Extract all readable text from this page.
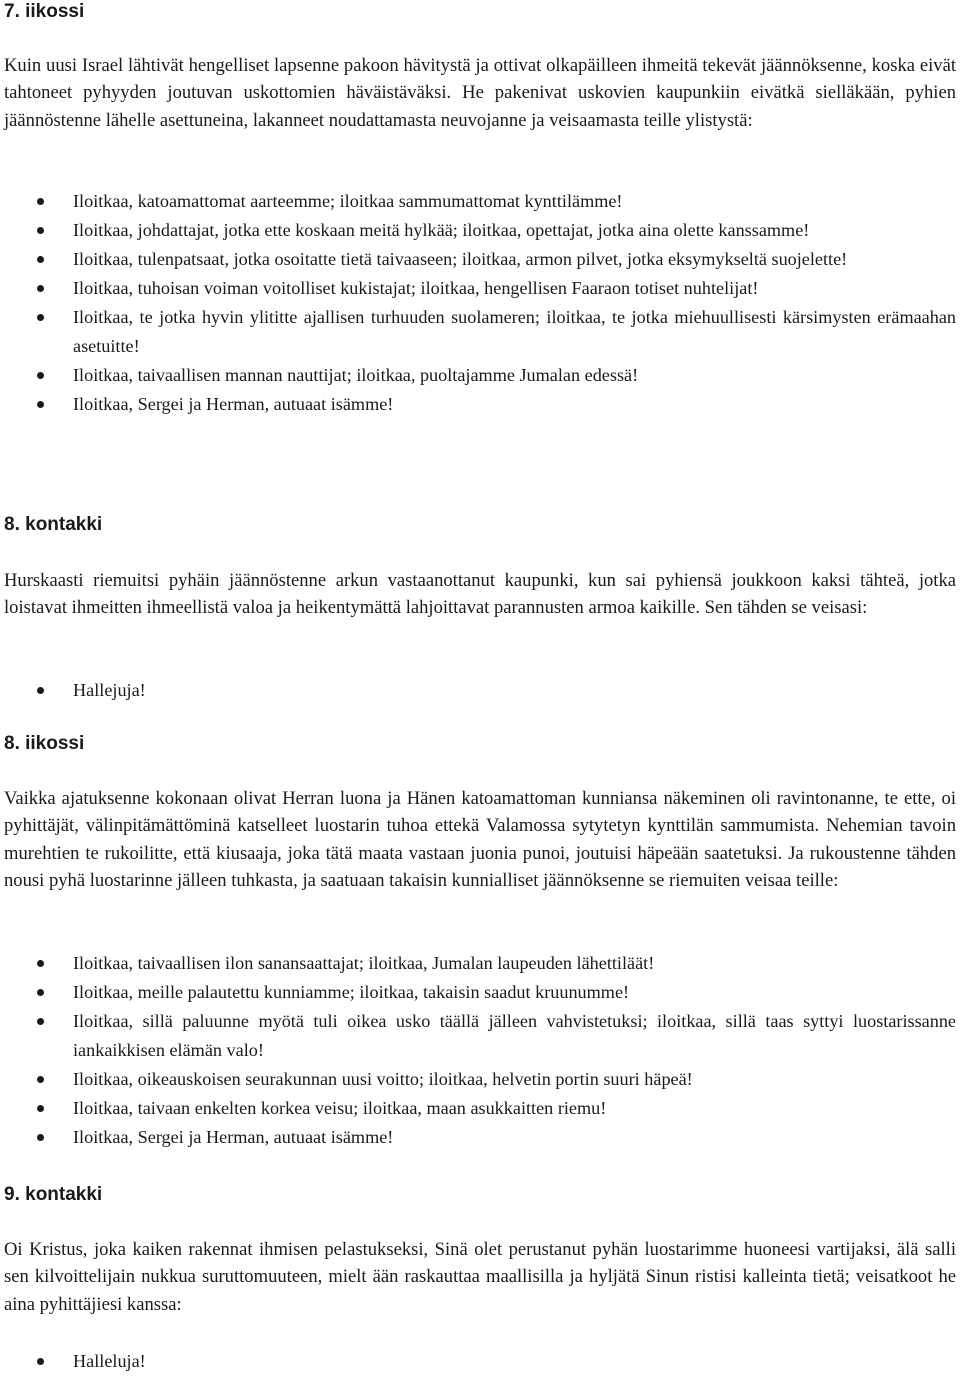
7. iikossi

Kuin uusi Israel lähtivät hengelliset lapsenne pakoon hävitystä ja ottivat olkapäilleen ihmeitä tekevät jäännöksenne, koska eivät tahtoneet pyhyyden joutuvan uskottomien häväistäväksi. He pakenivat uskovien kaupunkiin eivätkä sielläkään, pyhien jäännöstenne lähelle asettuneina, lakanneet noudattamasta neuvojanne ja veisaamasta teille ylistystä:

Iloitkaa, katoamattomat aarteemme; iloitkaa sammumattomat kynttilämme!
Iloitkaa, johdattajat, jotka ette koskaan meitä hylkää; iloitkaa, opettajat, jotka aina olette kanssamme!
Iloitkaa, tulenpatsaat, jotka osoitatte tietä taivaaseen; iloitkaa, armon pilvet, jotka eksymykseltä suojelette!
Iloitkaa, tuhoisan voiman voitolliset kukistajat; iloitkaa, hengellisen Faaraon totiset nuhtelijat!
Iloitkaa, te jotka hyvin ylititte ajallisen turhuuden suolameren; iloitkaa, te jotka miehuullisesti kärsimysten erämaahan asetuitte!
Iloitkaa, taivaallisen mannan nauttijat; iloitkaa, puoltajamme Jumalan edessä!
Iloitkaa, Sergei ja Herman, autuaat isämme!
8. kontakki

Hurskaasti riemuitsi pyhäin jäännöstenne arkun vastaanottanut kaupunki, kun sai pyhiensä joukkoon kaksi tähteä, jotka loistavat ihmeitten ihmeellistä valoa ja heikentymättä lahjoittavat parannusten armoa kaikille. Sen tähden se veisasi:

Hallejuja!
8. iikossi

Vaikka ajatuksenne kokonaan olivat Herran luona ja Hänen katoamattoman kunniansa näkeminen oli ravintonanne, te ette, oi pyhittäjät, välinpitämättöminä katselleet luostarin tuhoa ettekä Valamossa sytytetyn kynttilän sammumista. Nehemian tavoin murehtien te rukoilitte, että kiusaaja, joka tätä maata vastaan juonia punoi, joutuisi häpeään saatetuksi. Ja rukoustenne tähden nousi pyhä luostarinne jälleen tuhkasta, ja saatuaan takaisin kunnialliset jäännöksenne se riemuiten veisaa teille:

Iloitkaa, taivaallisen ilon sanansaattajat; iloitkaa, Jumalan laupeuden lähettiläät!
Iloitkaa, meille palautettu kunniamme; iloitkaa, takaisin saadut kruunumme!
Iloitkaa, sillä paluunne myötä tuli oikea usko täällä jälleen vahvistetuksi; iloitkaa, sillä taas syttyi luostarissanne iankaikkisen elämän valo!
Iloitkaa, oikeauskoisen seurakunnan uusi voitto; iloitkaa, helvetin portin suuri häpeä!
Iloitkaa, taivaan enkelten korkea veisu; iloitkaa, maan asukkaitten riemu!
Iloitkaa, Sergei ja Herman, autuaat isämme!
9. kontakki

Oi Kristus, joka kaiken rakennat ihmisen pelastukseksi, Sinä olet perustanut pyhän luostarimme huoneesi vartijaksi, älä salli sen kilvoittelijain nukkua suruttomuuteen, mielt ään raskauttaa maallisilla ja hyljätä Sinun ristisi kalleinta tietä; veisatkoot he aina pyhittäjiesi kanssa:

Halleluja!
